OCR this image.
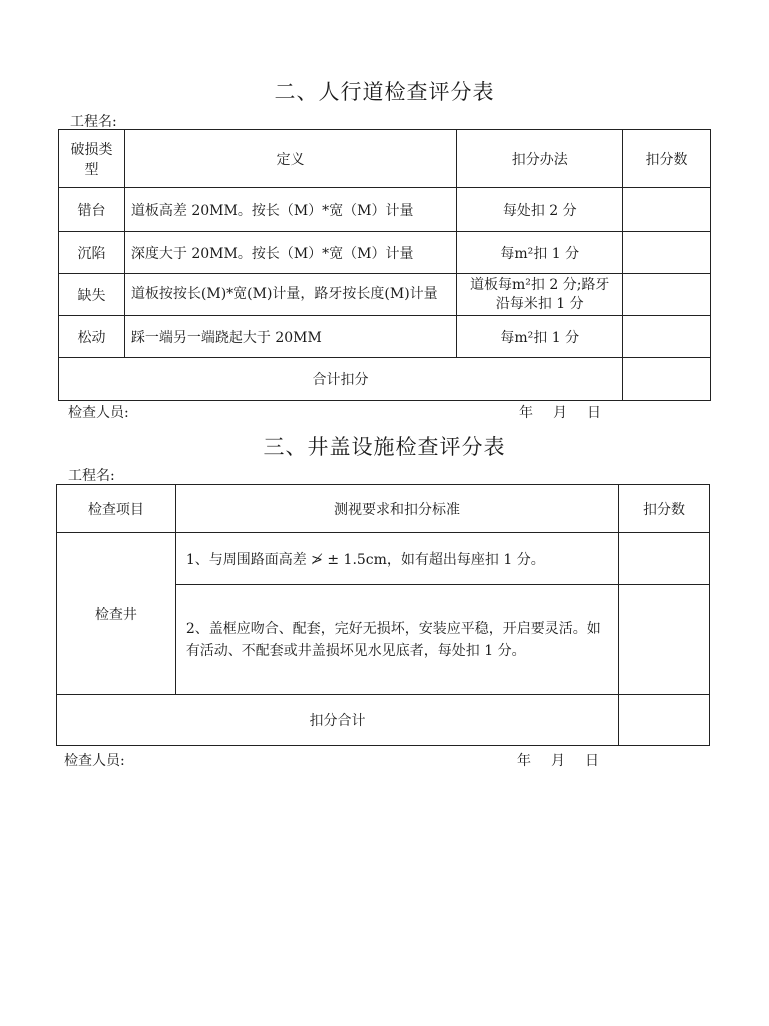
二、人行道检查评分表
工程名:
破损类型	定义	扣分办法	扣分数
错台	道板高差 20MM。按长（M）*宽（M）计量	每处扣 2 分	
沉陷	深度大于 20MM。按长（M）*宽（M）计量	每m²扣 1 分	
缺失	道板按按长(M)*宽(M)计量，路牙按长度(M)计量	道板每m²扣 2 分;路牙沿每米扣 1 分	
松动	踩一端另一端跷起大于 20MM	每m²扣 1 分	
合计扣分			
检查人员:	年 月 日
三、井盖设施检查评分表
工程名:
检查项目	测视要求和扣分标准	扣分数
检查井	1、与周围路面高差 ≯ ± 1.5cm，如有超出每座扣 1 分。	
	2、盖框应吻合、配套，完好无损坏，安装应平稳，开启要灵活。如有活动、不配套或井盖损坏见水见底者，每处扣 1 分。	
扣分合计		
检查人员:	年 月 日
